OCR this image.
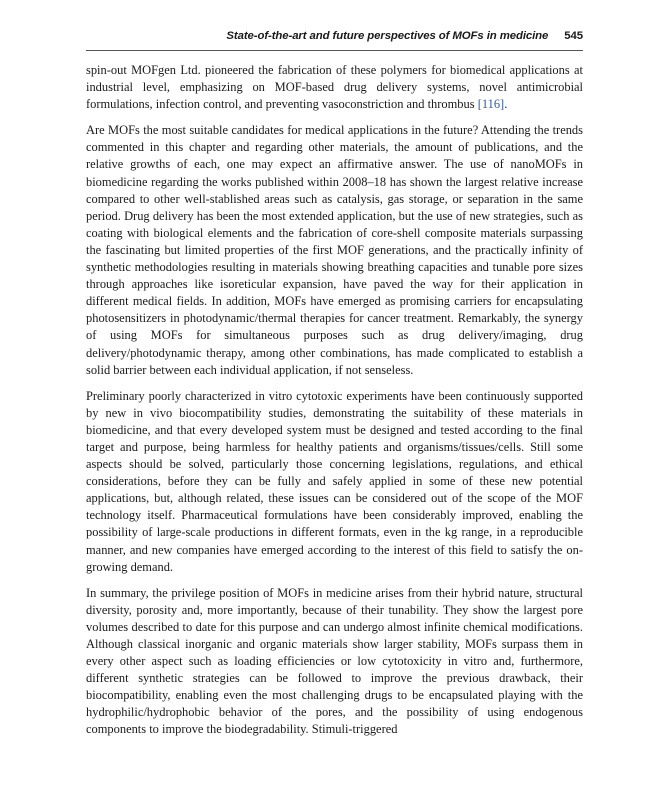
State-of-the-art and future perspectives of MOFs in medicine 545

spin-out MOFgen Ltd. pioneered the fabrication of these polymers for biomedical applications at industrial level, emphasizing on MOF-based drug delivery systems, novel antimicrobial formulations, infection control, and preventing vasoconstriction and thrombus [116].

Are MOFs the most suitable candidates for medical applications in the future? Attending the trends commented in this chapter and regarding other materials, the amount of publications, and the relative growths of each, one may expect an affirmative answer. The use of nanoMOFs in biomedicine regarding the works published within 2008–18 has shown the largest relative increase compared to other well-stablished areas such as catalysis, gas storage, or separation in the same period. Drug delivery has been the most extended application, but the use of new strategies, such as coating with biological elements and the fabrication of core-shell composite materials surpassing the fascinating but limited properties of the first MOF generations, and the practically infinity of synthetic methodologies resulting in materials showing breathing capacities and tunable pore sizes through approaches like isoreticular expansion, have paved the way for their application in different medical fields. In addition, MOFs have emerged as promising carriers for encapsulating photosensitizers in photodynamic/thermal therapies for cancer treatment. Remarkably, the synergy of using MOFs for simultaneous purposes such as drug delivery/imaging, drug delivery/photodynamic therapy, among other combinations, has made complicated to establish a solid barrier between each individual application, if not senseless.

Preliminary poorly characterized in vitro cytotoxic experiments have been continuously supported by new in vivo biocompatibility studies, demonstrating the suitability of these materials in biomedicine, and that every developed system must be designed and tested according to the final target and purpose, being harmless for healthy patients and organisms/tissues/cells. Still some aspects should be solved, particularly those concerning legislations, regulations, and ethical considerations, before they can be fully and safely applied in some of these new potential applications, but, although related, these issues can be considered out of the scope of the MOF technology itself. Pharmaceutical formulations have been considerably improved, enabling the possibility of large-scale productions in different formats, even in the kg range, in a reproducible manner, and new companies have emerged according to the interest of this field to satisfy the on-growing demand.

In summary, the privilege position of MOFs in medicine arises from their hybrid nature, structural diversity, porosity and, more importantly, because of their tunability. They show the largest pore volumes described to date for this purpose and can undergo almost infinite chemical modifications. Although classical inorganic and organic materials show larger stability, MOFs surpass them in every other aspect such as loading efficiencies or low cytotoxicity in vitro and, furthermore, different synthetic strategies can be followed to improve the previous drawback, their biocompatibility, enabling even the most challenging drugs to be encapsulated playing with the hydrophilic/hydrophobic behavior of the pores, and the possibility of using endogenous components to improve the biodegradability. Stimuli-triggered
